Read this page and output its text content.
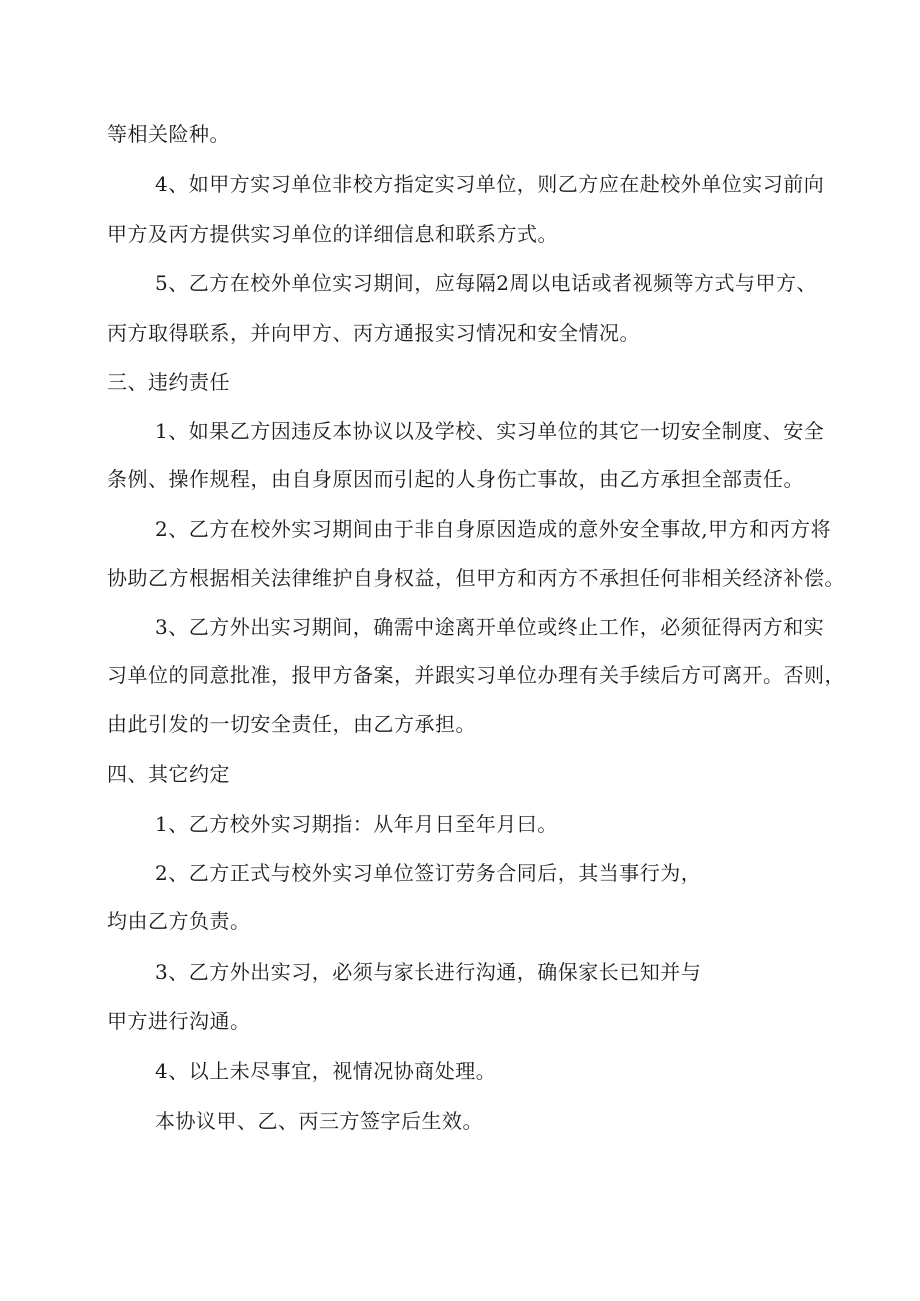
等相关险种。
4、如甲方实习单位非校方指定实习单位，则乙方应在赴校外单位实习前向
甲方及丙方提供实习单位的详细信息和联系方式。
5、乙方在校外单位实习期间，应每隔2周以电话或者视频等方式与甲方、
丙方取得联系，并向甲方、丙方通报实习情况和安全情况。
三、违约责任
1、如果乙方因违反本协议以及学校、实习单位的其它一切安全制度、安全
条例、操作规程，由自身原因而引起的人身伤亡事故，由乙方承担全部责任。
2、乙方在校外实习期间由于非自身原因造成的意外安全事故,甲方和丙方将
协助乙方根据相关法律维护自身权益，但甲方和丙方不承担任何非相关经济补偿。
3、乙方外出实习期间，确需中途离开单位或终止工作，必须征得丙方和实
习单位的同意批准，报甲方备案，并跟实习单位办理有关手续后方可离开。否则，
由此引发的一切安全责任，由乙方承担。
四、其它约定
1、乙方校外实习期指：从年月日至年月曰。
2、乙方正式与校外实习单位签订劳务合同后，其当事行为，
均由乙方负责。
3、乙方外出实习，必须与家长进行沟通，确保家长已知并与
甲方进行沟通。
4、以上未尽事宜，视情况协商处理。
本协议甲、乙、丙三方签字后生效。
